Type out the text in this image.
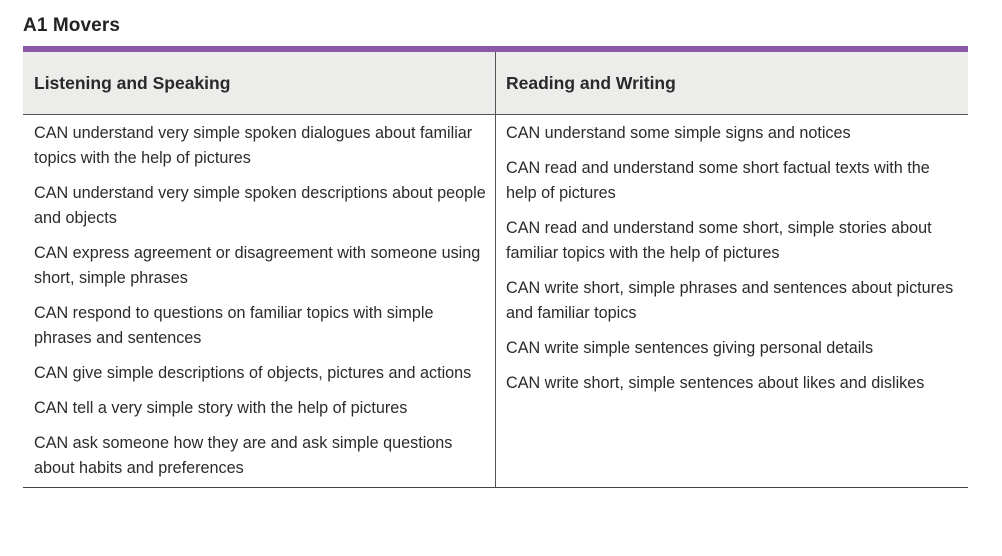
A1 Movers
Listening and Speaking	Reading and Writing

CAN understand very simple spoken dialogues about familiar topics with the help of pictures

CAN understand very simple spoken descriptions about people and objects

CAN express agreement or disagreement with someone using short, simple phrases

CAN respond to questions on familiar topics with simple phrases and sentences

CAN give simple descriptions of objects, pictures and actions

CAN tell a very simple story with the help of pictures

CAN ask someone how they are and ask simple questions about habits and preferences

CAN understand some simple signs and notices

CAN read and understand some short factual texts with the help of pictures

CAN read and understand some short, simple stories about familiar topics with the help of pictures

CAN write short, simple phrases and sentences about pictures and familiar topics

CAN write simple sentences giving personal details

CAN write short, simple sentences about likes and dislikes
